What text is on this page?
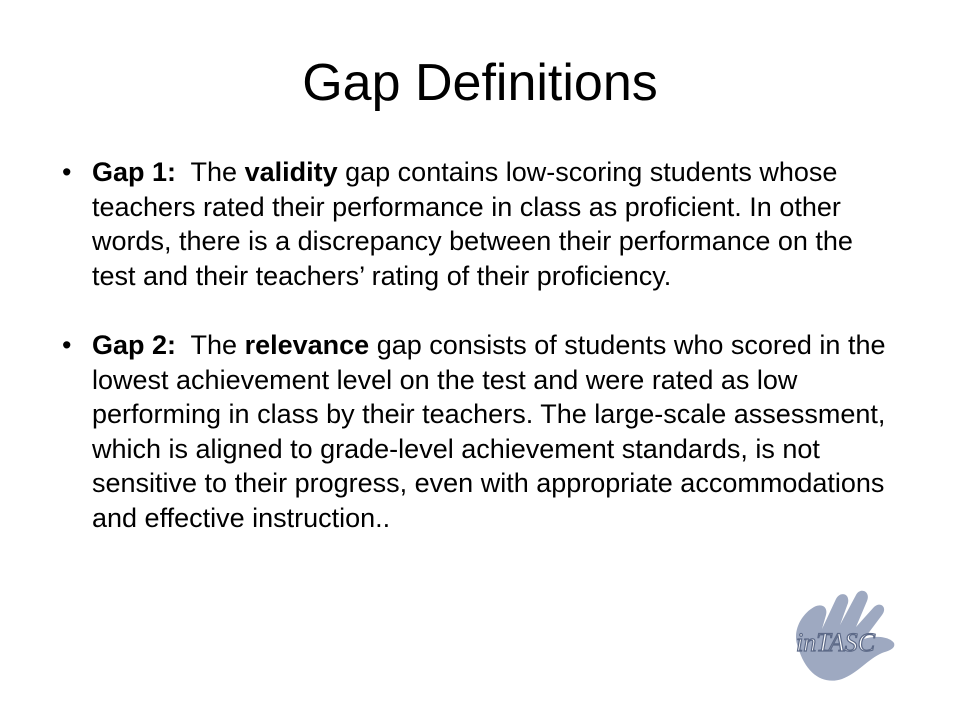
Gap Definitions
• Gap 1:  The validity gap contains low-scoring students whose teachers rated their performance in class as proficient. In other words, there is a discrepancy between their performance on the test and their teachers’ rating of their proficiency.
• Gap 2:  The relevance gap consists of students who scored in the lowest achievement level on the test and were rated as low performing in class by their teachers. The large-scale assessment, which is aligned to grade-level achievement standards, is not sensitive to their progress, even with appropriate accommodations and effective instruction..
inTASC
